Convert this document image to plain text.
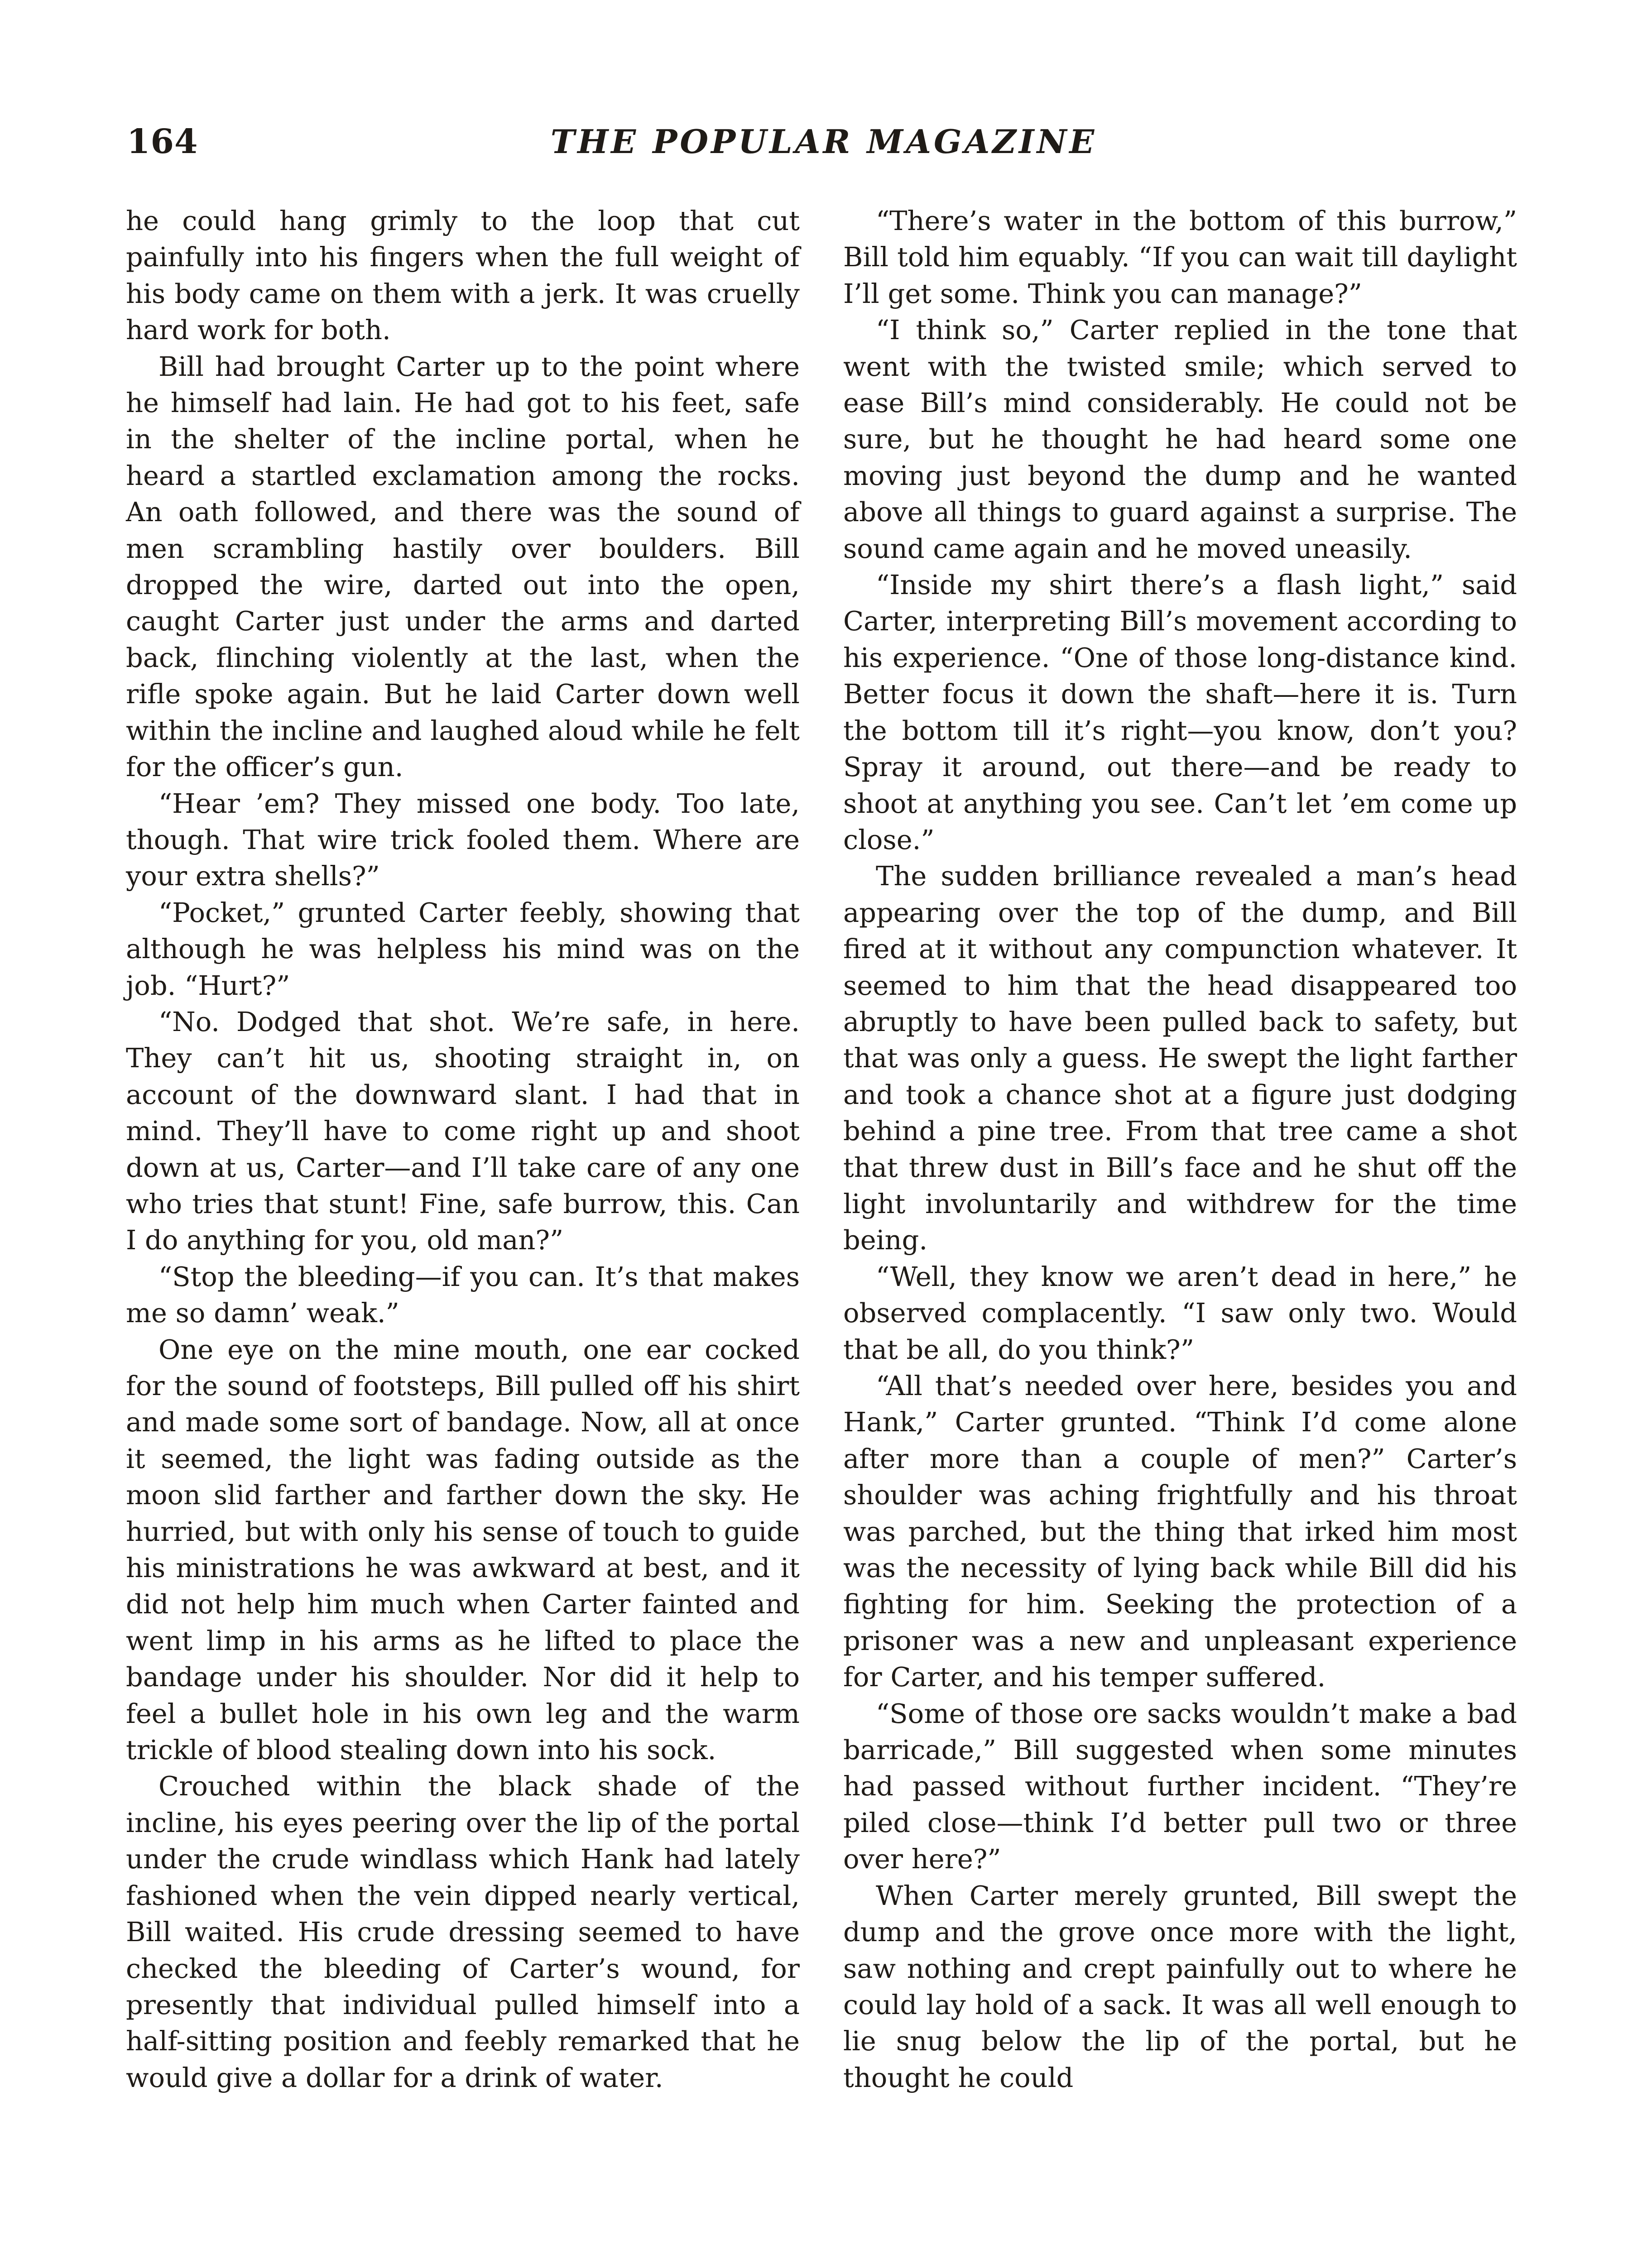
164	THE POPULAR MAGAZINE

he could hang grimly to the loop that cut painfully into his fingers when the full weight of his body came on them with a jerk. It was cruelly hard work for both.

Bill had brought Carter up to the point where he himself had lain. He had got to his feet, safe in the shelter of the incline portal, when he heard a startled exclamation among the rocks. An oath followed, and there was the sound of men scrambling hastily over boulders. Bill dropped the wire, darted out into the open, caught Carter just under the arms and darted back, flinching violently at the last, when the rifle spoke again. But he laid Carter down well within the incline and laughed aloud while he felt for the officer’s gun.

“Hear ’em? They missed one body. Too late, though. That wire trick fooled them. Where are your extra shells?”

“Pocket,” grunted Carter feebly, showing that although he was helpless his mind was on the job. “Hurt?”

“No. Dodged that shot. We’re safe, in here. They can’t hit us, shooting straight in, on account of the downward slant. I had that in mind. They’ll have to come right up and shoot down at us, Carter—and I’ll take care of any one who tries that stunt! Fine, safe burrow, this. Can I do anything for you, old man?”

“Stop the bleeding—if you can. It’s that makes me so damn’ weak.”

One eye on the mine mouth, one ear cocked for the sound of footsteps, Bill pulled off his shirt and made some sort of bandage. Now, all at once it seemed, the light was fading outside as the moon slid farther and farther down the sky. He hurried, but with only his sense of touch to guide his ministrations he was awkward at best, and it did not help him much when Carter fainted and went limp in his arms as he lifted to place the bandage under his shoulder. Nor did it help to feel a bullet hole in his own leg and the warm trickle of blood stealing down into his sock.

Crouched within the black shade of the incline, his eyes peering over the lip of the portal under the crude windlass which Hank had lately fashioned when the vein dipped nearly vertical, Bill waited. His crude dressing seemed to have checked the bleeding of Carter’s wound, for presently that individual pulled himself into a half-sitting position and feebly remarked that he would give a dollar for a drink of water.

“There’s water in the bottom of this burrow,” Bill told him equably. “If you can wait till daylight I’ll get some. Think you can manage?”

“I think so,” Carter replied in the tone that went with the twisted smile; which served to ease Bill’s mind considerably. He could not be sure, but he thought he had heard some one moving just beyond the dump and he wanted above all things to guard against a surprise. The sound came again and he moved uneasily.

“Inside my shirt there’s a flash light,” said Carter, interpreting Bill’s movement according to his experience. “One of those long-distance kind. Better focus it down the shaft—here it is. Turn the bottom till it’s right—you know, don’t you? Spray it around, out there—and be ready to shoot at anything you see. Can’t let ’em come up close.”

The sudden brilliance revealed a man’s head appearing over the top of the dump, and Bill fired at it without any compunction whatever. It seemed to him that the head disappeared too abruptly to have been pulled back to safety, but that was only a guess. He swept the light farther and took a chance shot at a figure just dodging behind a pine tree. From that tree came a shot that threw dust in Bill’s face and he shut off the light involuntarily and withdrew for the time being.

“Well, they know we aren’t dead in here,” he observed complacently. “I saw only two. Would that be all, do you think?”

“All that’s needed over here, besides you and Hank,” Carter grunted. “Think I’d come alone after more than a couple of men?” Carter’s shoulder was aching frightfully and his throat was parched, but the thing that irked him most was the necessity of lying back while Bill did his fighting for him. Seeking the protection of a prisoner was a new and unpleasant experience for Carter, and his temper suffered.

“Some of those ore sacks wouldn’t make a bad barricade,” Bill suggested when some minutes had passed without further incident. “They’re piled close—think I’d better pull two or three over here?”

When Carter merely grunted, Bill swept the dump and the grove once more with the light, saw nothing and crept painfully out to where he could lay hold of a sack. It was all well enough to lie snug below the lip of the portal, but he thought he could
